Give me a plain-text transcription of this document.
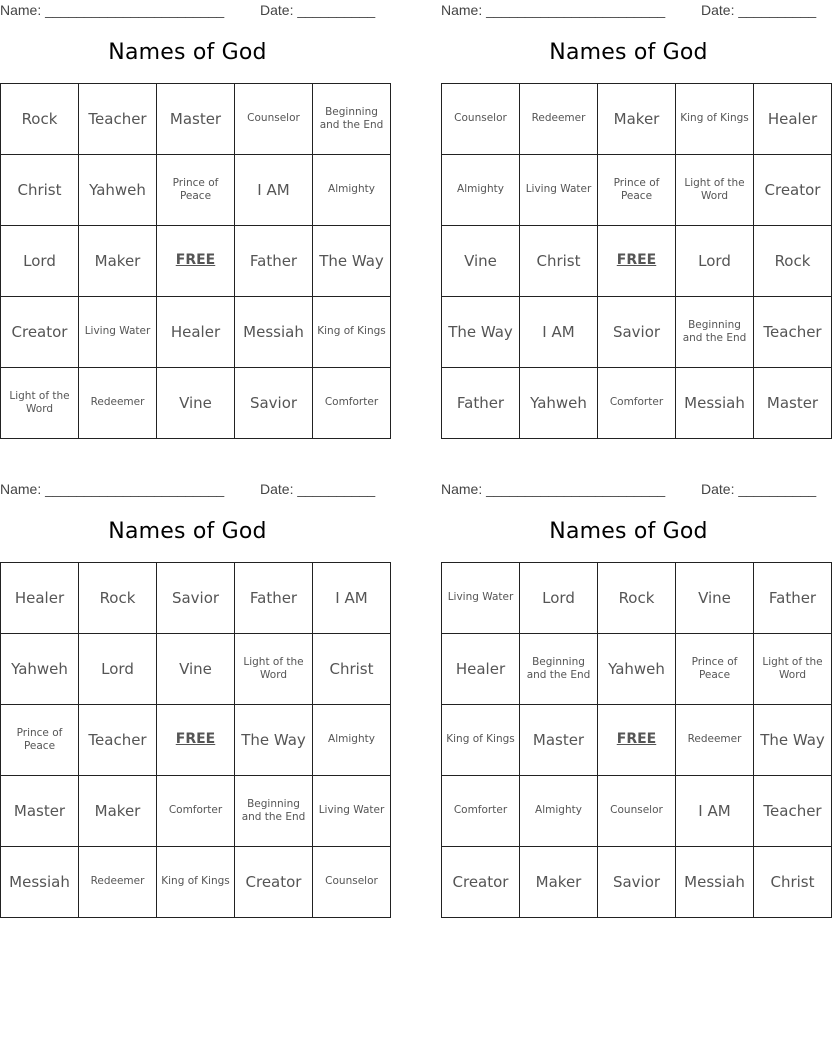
Name: _______________________	Date: __________
Names of God
Rock	Teacher	Master	Counselor	Beginning and the End
Christ	Yahweh	Prince of Peace	I AM	Almighty
Lord	Maker	FREE	Father	The Way
Creator	Living Water	Healer	Messiah	King of Kings
Light of the Word	Redeemer	Vine	Savior	Comforter
Name: _______________________	Date: __________
Names of God
Counselor	Redeemer	Maker	King of Kings	Healer
Almighty	Living Water	Prince of Peace	Light of the Word	Creator
Vine	Christ	FREE	Lord	Rock
The Way	I AM	Savior	Beginning and the End	Teacher
Father	Yahweh	Comforter	Messiah	Master
Name: _______________________	Date: __________
Names of God
Healer	Rock	Savior	Father	I AM
Yahweh	Lord	Vine	Light of the Word	Christ
Prince of Peace	Teacher	FREE	The Way	Almighty
Master	Maker	Comforter	Beginning and the End	Living Water
Messiah	Redeemer	King of Kings	Creator	Counselor
Name: _______________________	Date: __________
Names of God
Living Water	Lord	Rock	Vine	Father
Healer	Beginning and the End	Yahweh	Prince of Peace	Light of the Word
King of Kings	Master	FREE	Redeemer	The Way
Comforter	Almighty	Counselor	I AM	Teacher
Creator	Maker	Savior	Messiah	Christ
